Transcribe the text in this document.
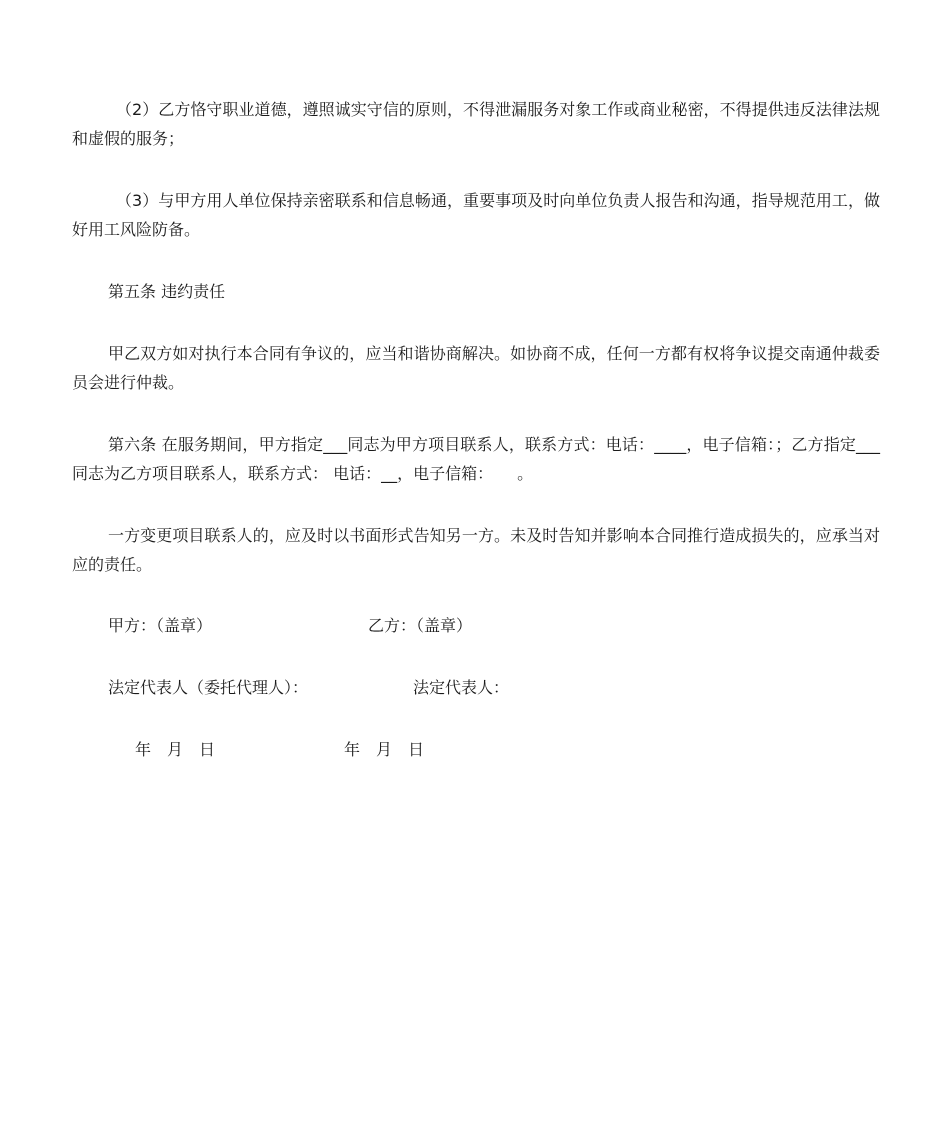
（2）乙方恪守职业道德，遵照诚实守信的原则，不得泄漏服务对象工作或商业秘密，不得提供违反法律法规和虚假的服务；
（3）与甲方用人单位保持亲密联系和信息畅通，重要事项及时向单位负责人报告和沟通，指导规范用工，做好用工风险防备。
第五条 违约责任
甲乙双方如对执行本合同有争议的，应当和谐协商解决。如协商不成，任何一方都有权将争议提交南通仲裁委员会进行仲裁。
第六条 在服务期间，甲方指定___同志为甲方项目联系人，联系方式：电话：____，电子信箱：；乙方指定___同志为乙方项目联系人，联系方式： 电话：__，电子信箱：　　。
一方变更项目联系人的，应及时以书面形式告知另一方。未及时告知并影响本合同推行造成损失的，应承当对应的责任。
甲方：（盖章）	乙方：（盖章）
法定代表人（委托代理人）：	法定代表人：
年　月　日	年　月　日
